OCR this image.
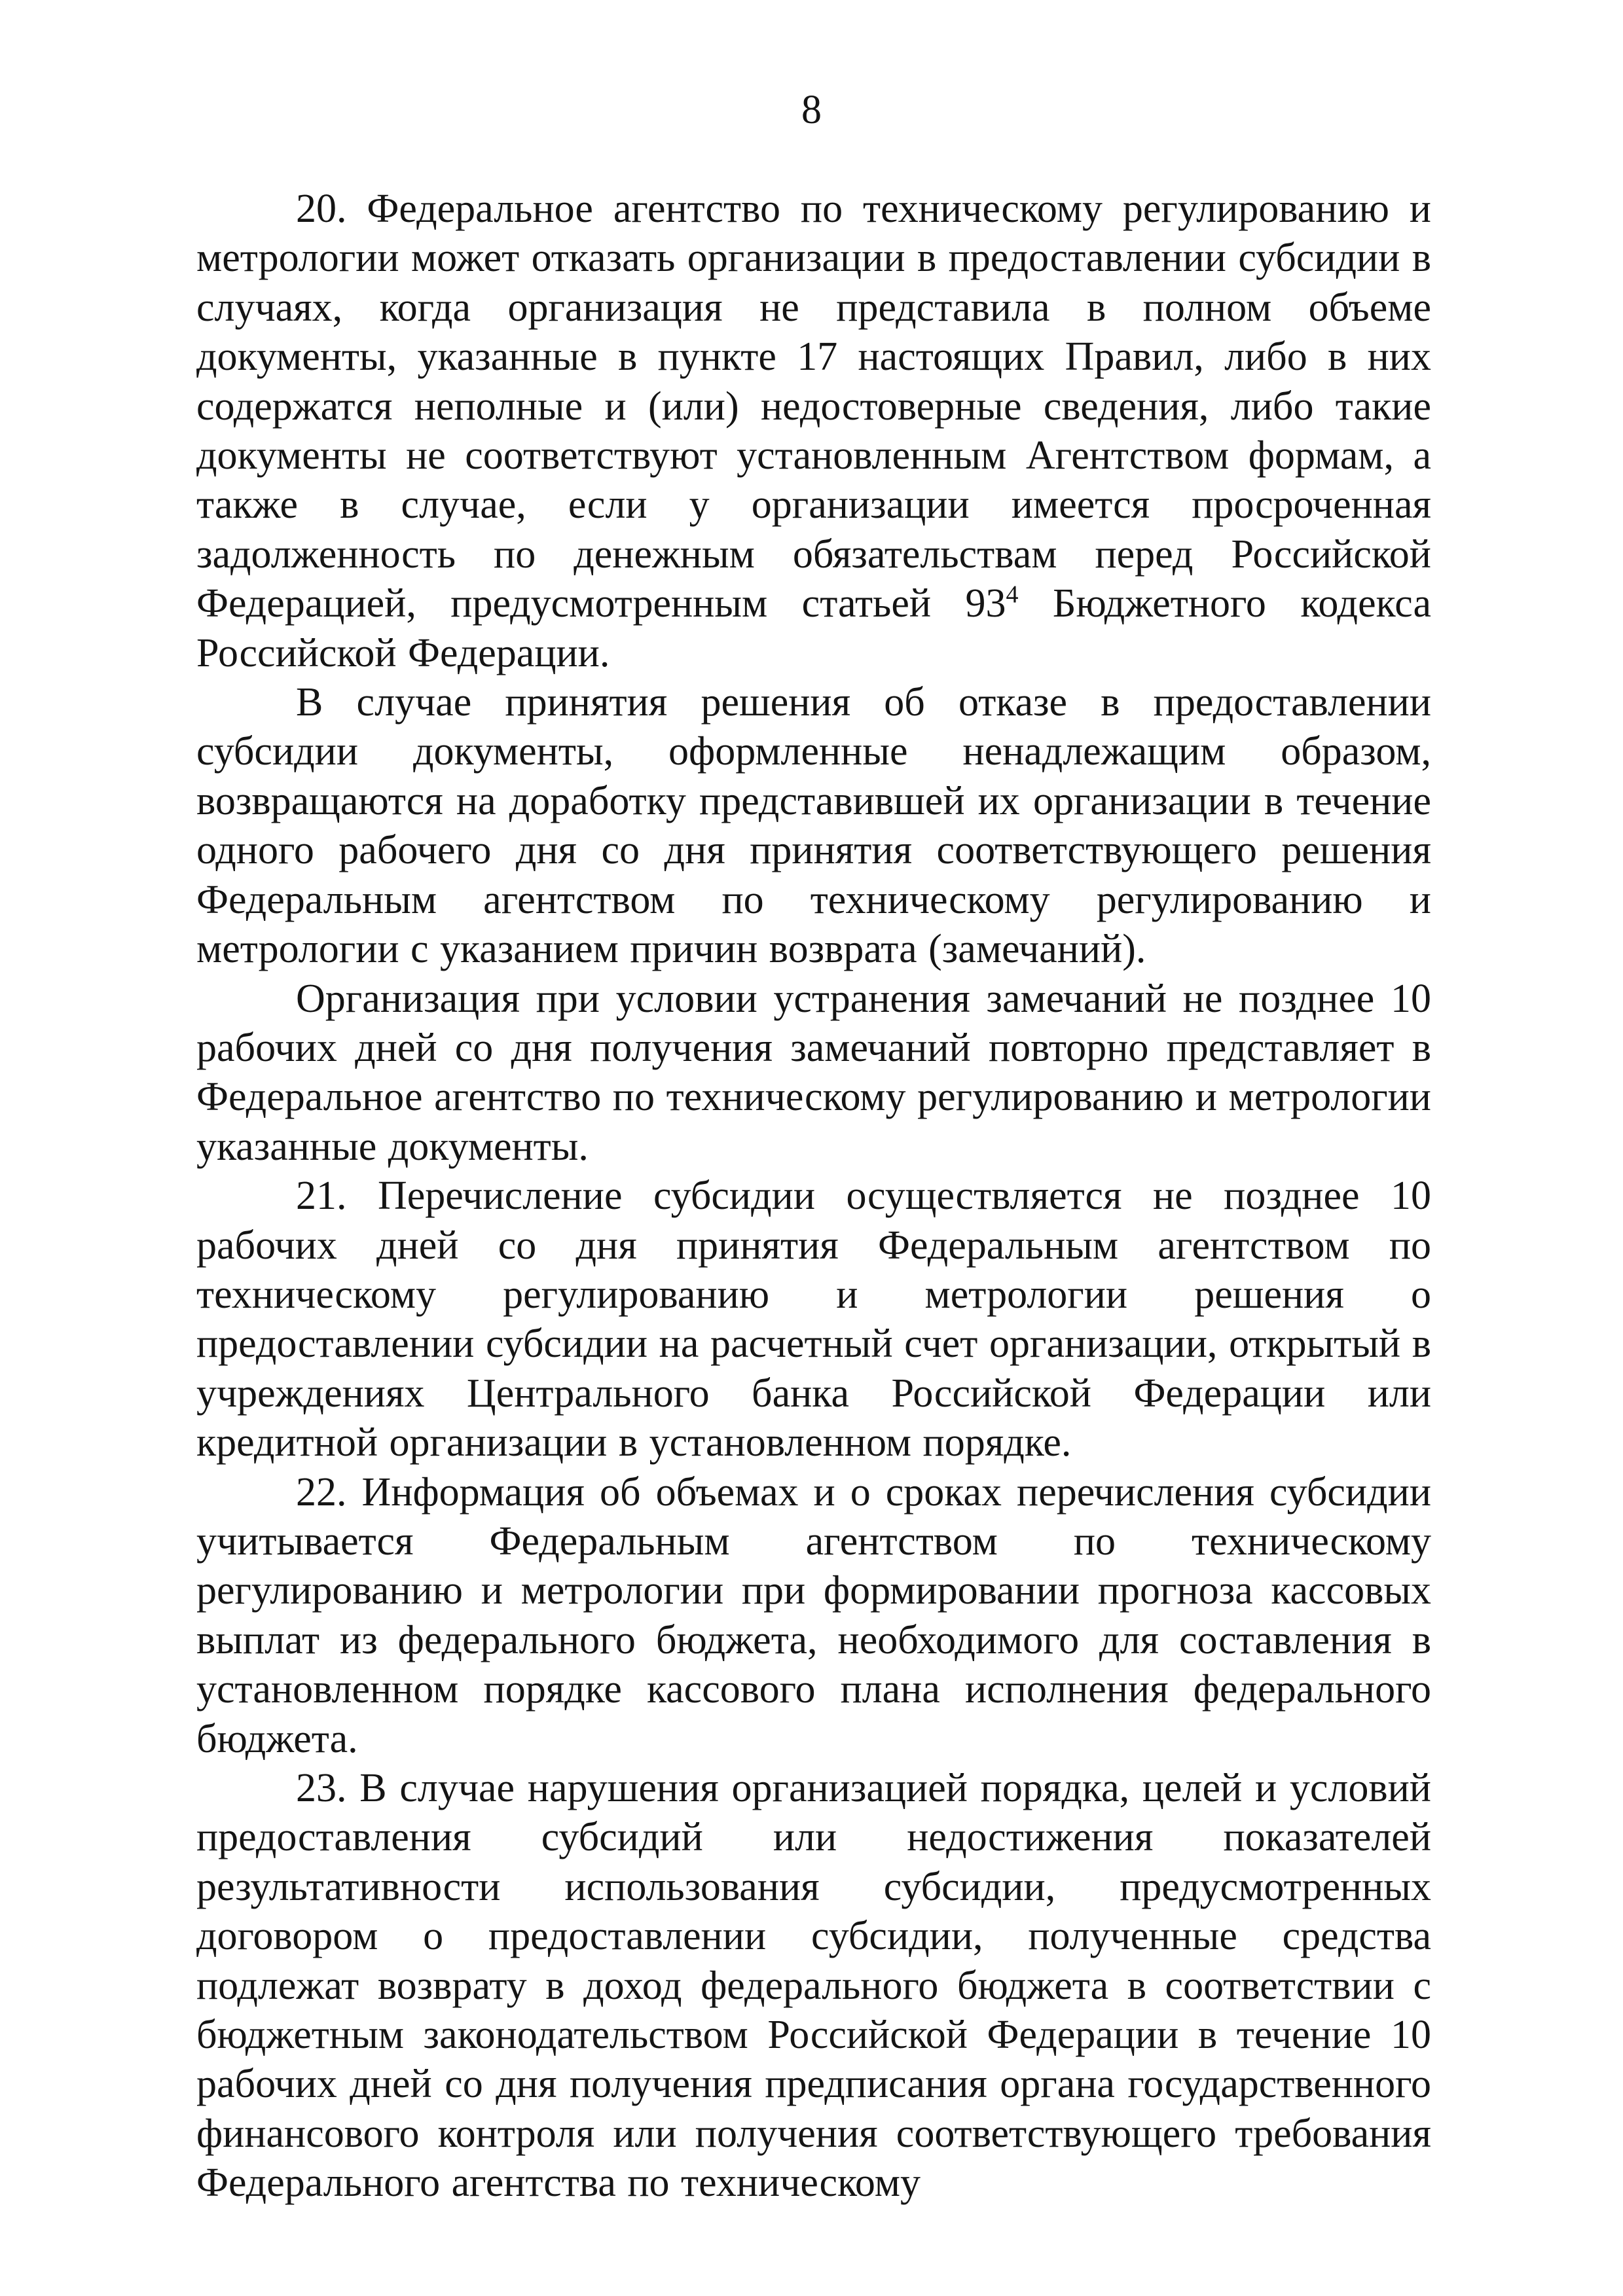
8

20. Федеральное агентство по техническому регулированию и метрологии может отказать организации в предоставлении субсидии в случаях, когда организация не представила в полном объеме документы, указанные в пункте 17 настоящих Правил, либо в них содержатся неполные и (или) недостоверные сведения, либо такие документы не соответствуют установленным Агентством формам, а также в случае, если у организации имеется просроченная задолженность по денежным обязательствам перед Российской Федерацией, предусмотренным статьей $93^4$ Бюджетного кодекса Российской Федерации.

В случае принятия решения об отказе в предоставлении субсидии документы, оформленные ненадлежащим образом, возвращаются на доработку представившей их организации в течение одного рабочего дня со дня принятия соответствующего решения Федеральным агентством по техническому регулированию и метрологии с указанием причин возврата (замечаний).

Организация при условии устранения замечаний не позднее 10 рабочих дней со дня получения замечаний повторно представляет в Федеральное агентство по техническому регулированию и метрологии указанные документы.

21. Перечисление субсидии осуществляется не позднее 10 рабочих дней со дня принятия Федеральным агентством по техническому регулированию и метрологии решения о предоставлении субсидии на расчетный счет организации, открытый в учреждениях Центрального банка Российской Федерации или кредитной организации в установленном порядке.

22. Информация об объемах и о сроках перечисления субсидии учитывается Федеральным агентством по техническому регулированию и метрологии при формировании прогноза кассовых выплат из федерального бюджета, необходимого для составления в установленном порядке кассового плана исполнения федерального бюджета.

23. В случае нарушения организацией порядка, целей и условий предоставления субсидий или недостижения показателей результативности использования субсидии, предусмотренных договором о предоставлении субсидии, полученные средства подлежат возврату в доход федерального бюджета в соответствии с бюджетным законодательством Российской Федерации в течение 10 рабочих дней со дня получения предписания органа государственного финансового контроля или получения соответствующего требования Федерального агентства по техническому
